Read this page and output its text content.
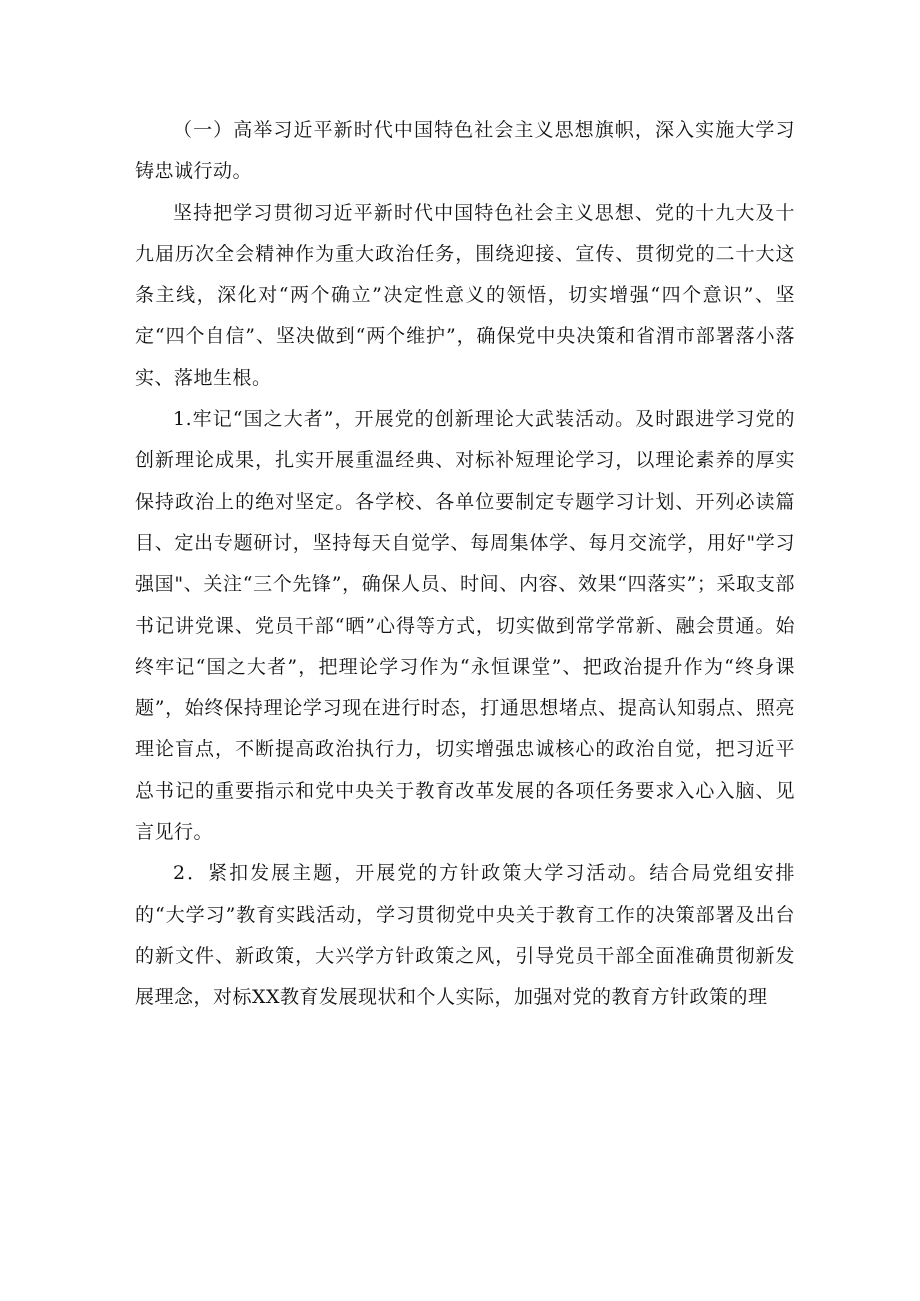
（一）高举习近平新时代中国特色社会主义思想旗帜，深入实施大学习铸忠诚行动。

坚持把学习贯彻习近平新时代中国特色社会主义思想、党的十九大及十九届历次全会精神作为重大政治任务，围绕迎接、宣传、贯彻党的二十大这条主线，深化对“两个确立”决定性意义的领悟，切实增强“四个意识”、坚定“四个自信”、坚决做到“两个维护”，确保党中央决策和省渭市部署落小落实、落地生根。

1.牢记“国之大者”，开展党的创新理论大武装活动。及时跟进学习党的创新理论成果，扎实开展重温经典、对标补短理论学习，以理论素养的厚实保持政治上的绝对坚定。各学校、各单位要制定专题学习计划、开列必读篇目、定出专题研讨，坚持每天自觉学、每周集体学、每月交流学，用好"学习强国"、关注“三个先锋”，确保人员、时间、内容、效果“四落实”；采取支部书记讲党课、党员干部“晒”心得等方式，切实做到常学常新、融会贯通。始终牢记“国之大者”，把理论学习作为“永恒课堂”、把政治提升作为“终身课题”，始终保持理论学习现在进行时态，打通思想堵点、提高认知弱点、照亮理论盲点，不断提高政治执行力，切实增强忠诚核心的政治自觉，把习近平总书记的重要指示和党中央关于教育改革发展的各项任务要求入心入脑、见言见行。

2．紧扣发展主题，开展党的方针政策大学习活动。结合局党组安排的“大学习”教育实践活动，学习贯彻党中央关于教育工作的决策部署及出台的新文件、新政策，大兴学方针政策之风，引导党员干部全面准确贯彻新发展理念，对标XX教育发展现状和个人实际，加强对党的教育方针政策的理
